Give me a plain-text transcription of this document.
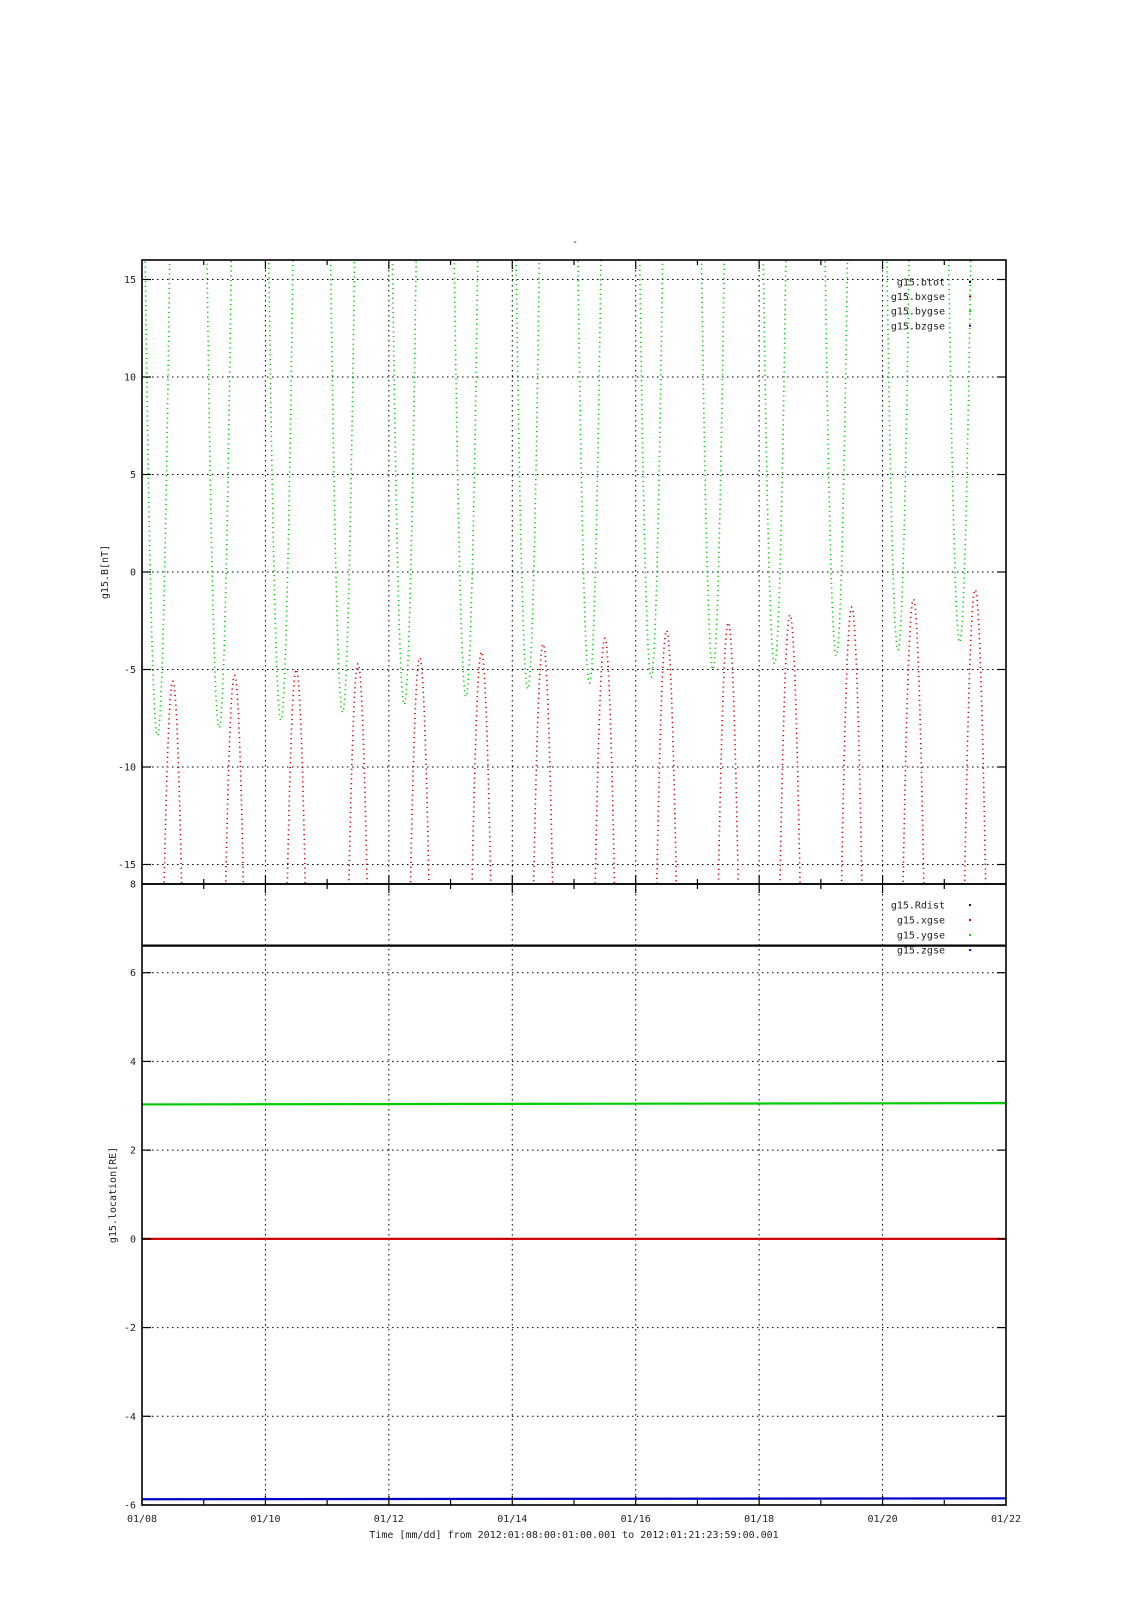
-
15
10
5
0
-5
-10
-15
g15.B[nT]
g15.btot
g15.bxgse
g15.bygse
g15.bzgse
8
6
4
2
0
-2
-4
-6
g15.location[RE]
g15.Rdist
g15.xgse
g15.ygse
g15.zgse
01/08	01/10	01/12	01/14	01/16	01/18	01/20	01/22
Time [mm/dd] from 2012:01:08:00:01:00.001 to 2012:01:21:23:59:00.001
